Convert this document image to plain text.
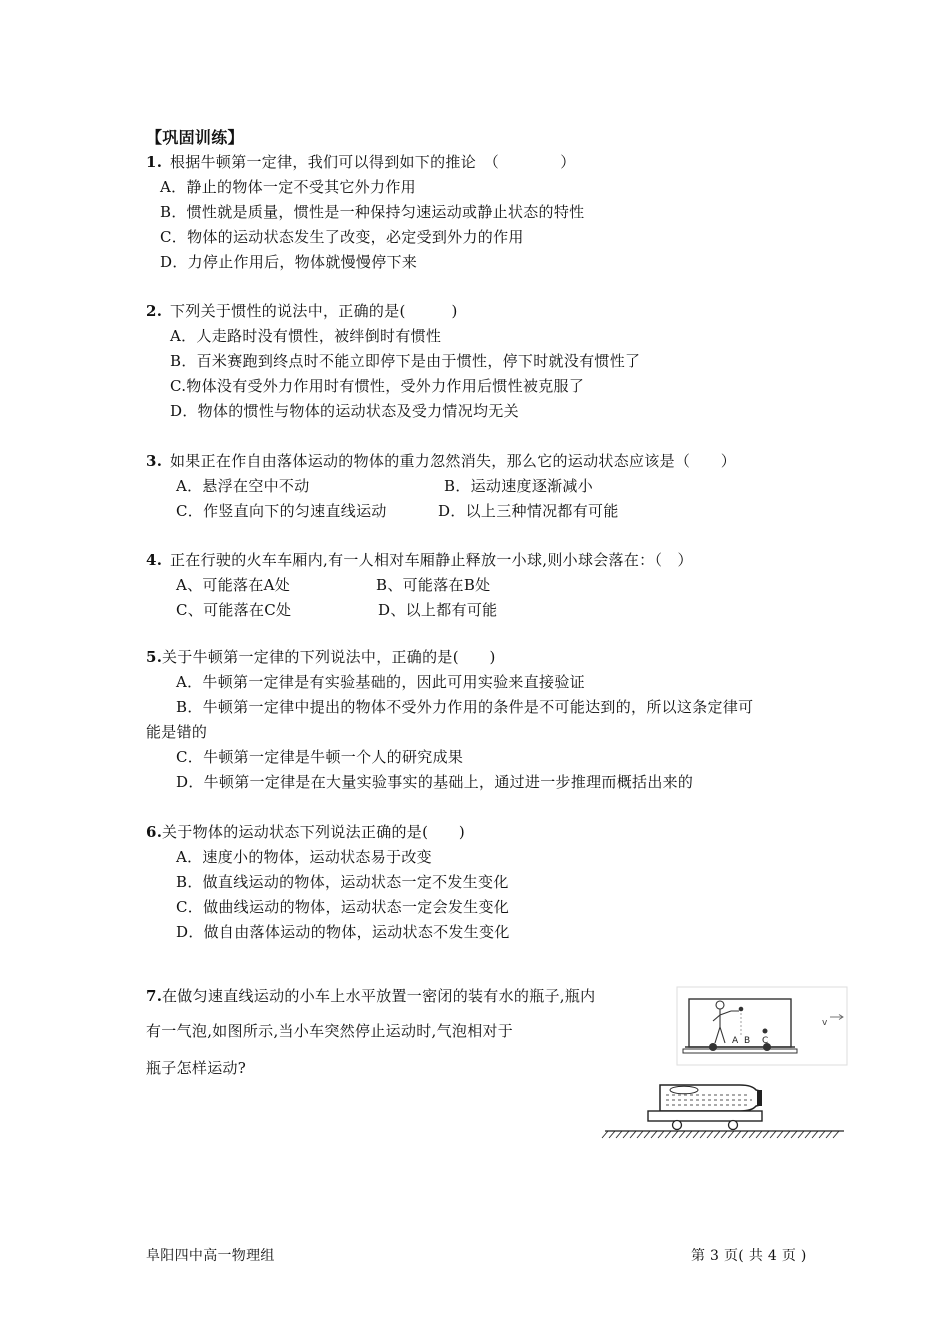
【巩固训练】
1. 根据牛顿第一定律，我们可以得到如下的推论　（　　　　）
A．静止的物体一定不受其它外力作用
B．惯性就是质量，惯性是一种保持匀速运动或静止状态的特性
C．物体的运动状态发生了改变，必定受到外力的作用
D．力停止作用后，物体就慢慢停下来
2. 下列关于惯性的说法中，正确的是(　　　)
A．人走路时没有惯性，被绊倒时有惯性
B．百米赛跑到终点时不能立即停下是由于惯性，停下时就没有惯性了
C.物体没有受外力作用时有惯性，受外力作用后惯性被克服了
D．物体的惯性与物体的运动状态及受力情况均无关
3. 如果正在作自由落体运动的物体的重力忽然消失，那么它的运动状态应该是（　　）
A．悬浮在空中不动	B．运动速度逐渐减小
C．作竖直向下的匀速直线运动	D．以上三种情况都有可能
4. 正在行驶的火车车厢内,有一人相对车厢静止释放一小球,则小球会落在：（　）
A、可能落在A处	B、可能落在B处
C、可能落在C处	D、以上都有可能
5. 关于牛顿第一定律的下列说法中，正确的是(　　)
A．牛顿第一定律是有实验基础的，因此可用实验来直接验证
B．牛顿第一定律中提出的物体不受外力作用的条件是不可能达到的，所以这条定律可
能是错的
C．牛顿第一定律是牛顿一个人的研究成果
D．牛顿第一定律是在大量实验事实的基础上，通过进一步推理而概括出来的
6. 关于物体的运动状态下列说法正确的是(　　)
A．速度小的物体，运动状态易于改变
B．做直线运动的物体，运动状态一定不发生变化
C．做曲线运动的物体，运动状态一定会发生变化
D．做自由落体运动的物体，运动状态不发生变化
7. 在做匀速直线运动的小车上水平放置一密闭的装有水的瓶子,瓶内
有一气泡,如图所示,当小车突然停止运动时,气泡相对于
瓶子怎样运动?
A B C
v
阜阳四中高一物理组	第 3 页( 共 4 页 )
